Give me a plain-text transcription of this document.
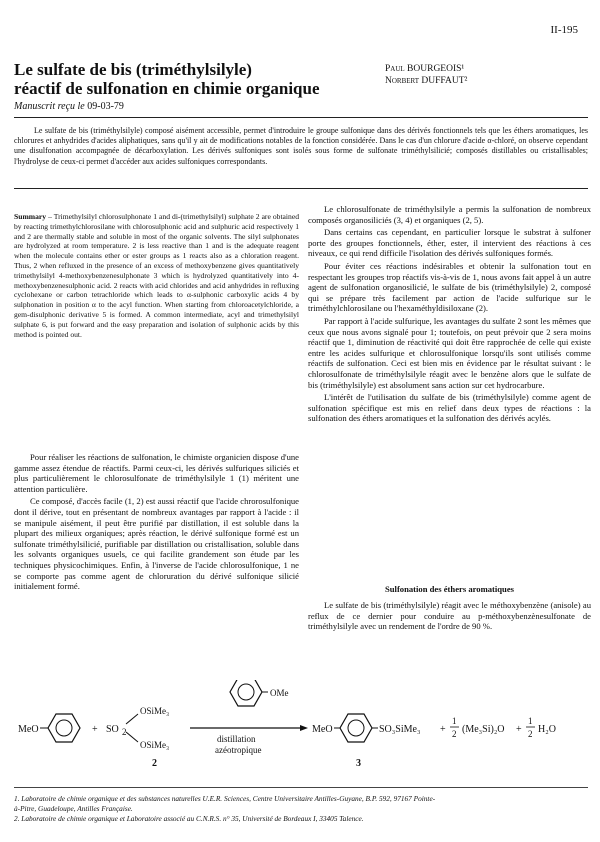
II-195
Le sulfate de bis (triméthylsilyle)
réactif de sulfonation en chimie organique
Paul BOURGEOIS¹
Norbert DUFFAUT²
Manuscrit reçu le 09-03-79
Le sulfate de bis (triméthylsilyle) composé aisément accessible, permet d'introduire le groupe sulfonique dans des dérivés fonctionnels tels que les éthers aromatiques, les chlorures et anhydrides d'acides aliphatiques, sans qu'il y ait de modifications notables de la fonction considérée. Dans le cas d'un chlorure d'acide α-chloré, on observe cependant une disulfonation accompagnée de décarboxylation. Les dérivés sulfoniques sont isolés sous forme de sulfonate triméthylsilicié; composés distillables ou cristallisables; l'hydrolyse de ceux-ci permet d'accéder aux acides sulfoniques correspondants.
Summary – Trimethylsilyl chlorosulphonate 1 and di-(trimethylsilyl) sulphate 2 are obtained by reacting trimethylchlorosilane with chlorosulphonic acid and sulphuric acid respectively 1 and 2 are thermally stable and soluble in most of the organic solvents. The silyl sulphonates are hydrolyzed at room temperature. 2 is less reactive than 1 and is the adequate reagent when the molecule contains ether or ester groups as 1 reacts also as a chloration reagent. Thus, 2 when refluxed in the presence of an excess of methoxybenzene gives quantitatively trimethylsilyl 4-methoxybenzenesulphonate 3 which is hydrolyzed quantitatively into 4-methoxybenzenesulphonic acid. 2 reacts with acid chlorides and acid anhydrides in refluxing cyclohexane or carbon tetrachloride which leads to α-sulphonic carboxylic acids 4 by sulphonation in position α to the acyl function. When starting from chloroacetylchloride, a gem-disulphonic derivative 5 is formed. A common intermediate, acyl and trimethylsilyl sulphate 6, is put forward and the easy preparation and isolation of sulphonic acids by this method is pointed out.

Pour réaliser les réactions de sulfonation, le chimiste organicien dispose d'une gamme assez étendue de réactifs. Parmi ceux-ci, les dérivés sulfuriques siliciés et plus particulièrement le chlorosulfonate de triméthylsilyle 1 (1) méritent une attention particulière.

Ce composé, d'accès facile (1, 2) est aussi réactif que l'acide chrorosulfonique dont il dérive, tout en présentant de nombreux avantages par rapport à l'acide : il se manipule aisément, il peut être purifié par distillation, il est soluble dans la plupart des milieux organiques; après réaction, le dérivé sulfonique formé est un sulfonate triméthylsilicié, purifiable par distillation ou cristallisation, soluble dans les solvants organiques usuels, ce qui facilite grandement son étude par les techniques physicochimiques. Enfin, à l'inverse de l'acide chlorosulfonique, 1 ne se comporte pas comme agent de chloruration du dérivé sulfonique silicié initialement formé.

Le chlorosulfonate de triméthylsilyle a permis la sulfonation de nombreux composés organosiliciés (3, 4) et organiques (2, 5).

Dans certains cas cependant, en particulier lorsque le substrat à sulfoner porte des groupes fonctionnels, éther, ester, il intervient des réactions à ces niveaux, ce qui rend difficile l'isolation des dérivés sulfoniques formés.

Pour éviter ces réactions indésirables et obtenir la sulfonation tout en respectant les groupes trop réactifs vis-à-vis de 1, nous avons fait appel à un autre agent de sulfonation organosilicié, le sulfate de bis (triméthylsilyle) 2, composé qui se prépare très facilement par action de l'acide sulfurique sur le triméthylchlorosilane ou l'hexaméthyldisiloxane (2).

Par rapport à l'acide sulfurique, les avantages du sulfate 2 sont les mêmes que ceux que nous avons signalé pour 1; toutefois, on peut prévoir que 2 sera moins réactif que 1, diminution de réactivité qui doit être rapprochée de celle qui existe entre les acides sulfurique et chlorosulfonique lorsqu'ils sont utilisés comme réactifs de sulfonation. Ceci est bien mis en évidence par le résultat suivant : le chlorosulfonate de triméthylsilyle réagit avec le benzène alors que le sulfate de bis (triméthylsilyle) est absolument sans action sur cet hydrocarbure.

L'intérêt de l'utilisation du sulfate de bis (triméthylsilyle) comme agent de sulfonation spécifique est mis en relief dans deux types de réactions : la sulfonation des éthers aromatiques et la sulfonation des dérivés acylés.

Sulfonation des éthers aromatiques

Le sulfate de bis (triméthylsilyle) réagit avec le méthoxybenzène (anisole) au reflux de ce dernier pour conduire au p-méthoxybenzènesulfonate de triméthylsilyle avec un rendement de l'ordre de 90 %.

MeO	+ SO 2
OSiMe₃
OSiMe₃
2
OMe
distillation
azéotropique
MeO	SO₃SiMe₃
3
+
1
2 (Me₃Si)₂O +
1
2 H₂O
1. Laboratoire de chimie organique et des substances naturelles U.E.R. Sciences, Centre Universitaire Antilles-Guyane, B.P. 592, 97167 Pointe-
à-Pitre, Guadeloupe, Antilles Française.
2. Laboratoire de chimie organique et Laboratoire associé au C.N.R.S. n° 35, Université de Bordeaux I, 33405 Talence.
